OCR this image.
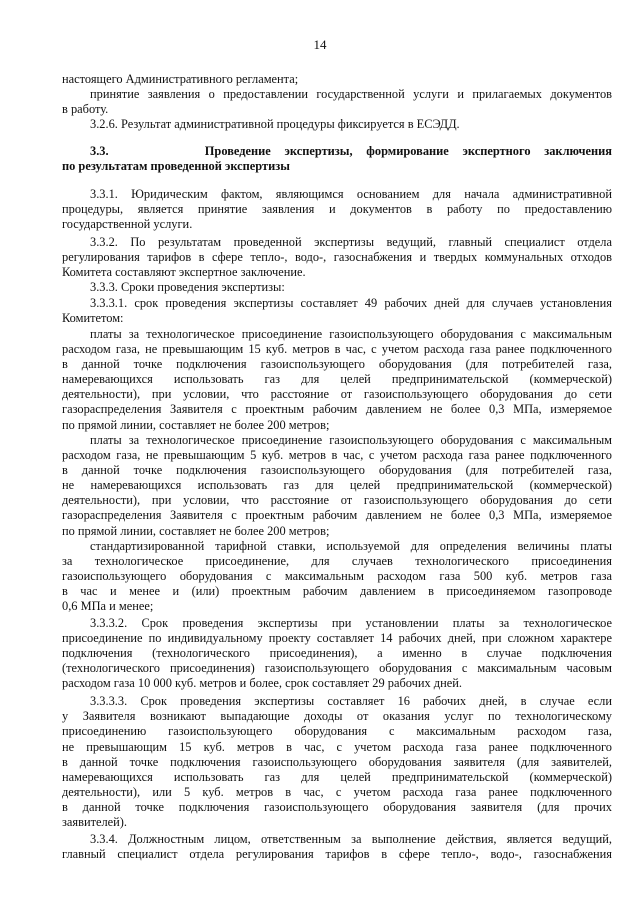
14
настоящего Административного регламента;
принятие заявления о предоставлении государственной услуги и прилагаемых документов
в работу.
3.2.6. Результат административной процедуры фиксируется в ЕСЭДД.
3.3.       Проведение экспертизы, формирование экспертного заключения
по результатам проведенной экспертизы
3.3.1. Юридическим фактом, являющимся основанием для начала административной
процедуры, является принятие заявления и документов в работу по предоставлению
государственной услуги.
3.3.2. По результатам проведенной экспертизы ведущий, главный специалист отдела
регулирования тарифов в сфере тепло-, водо-, газоснабжения и твердых коммунальных отходов
Комитета составляют экспертное заключение.
3.3.3. Сроки проведения экспертизы:
3.3.3.1. срок проведения экспертизы составляет 49 рабочих дней для случаев установления
Комитетом:
платы за технологическое присоединение газоиспользующего оборудования с максимальным
расходом газа, не превышающим 15 куб. метров в час, с учетом расхода газа ранее подключенного
в данной точке подключения газоиспользующего оборудования (для потребителей газа,
намеревающихся использовать газ для целей предпринимательской (коммерческой)
деятельности), при условии, что расстояние от газоиспользующего оборудования до сети
газораспределения Заявителя с проектным рабочим давлением не более 0,3 МПа, измеряемое
по прямой линии, составляет не более 200 метров;
платы за технологическое присоединение газоиспользующего оборудования с максимальным
расходом газа, не превышающим 5 куб. метров в час, с учетом расхода газа ранее подключенного
в данной точке подключения газоиспользующего оборудования (для потребителей газа,
не намеревающихся использовать газ для целей предпринимательской (коммерческой)
деятельности), при условии, что расстояние от газоиспользующего оборудования до сети
газораспределения Заявителя с проектным рабочим давлением не более 0,3 МПа, измеряемое
по прямой линии, составляет не более 200 метров;
стандартизированной тарифной ставки, используемой для определения величины платы
за технологическое присоединение, для случаев технологического присоединения
газоиспользующего оборудования с максимальным расходом газа 500 куб. метров газа
в час и менее и (или) проектным рабочим давлением в присоединяемом газопроводе
0,6 МПа и менее;
3.3.3.2. Срок проведения экспертизы при установлении платы за технологическое
присоединение по индивидуальному проекту составляет 14 рабочих дней, при сложном характере
подключения (технологического присоединения), а именно в случае подключения
(технологического присоединения) газоиспользующего оборудования с максимальным часовым
расходом газа 10 000 куб. метров и более, срок составляет 29 рабочих дней.
3.3.3.3. Срок проведения экспертизы составляет 16 рабочих дней, в случае если
у Заявителя возникают выпадающие доходы от оказания услуг по технологическому
присоединению газоиспользующего оборудования с максимальным расходом газа,
не превышающим 15 куб. метров в час, с учетом расхода газа ранее подключенного
в данной точке подключения газоиспользующего оборудования заявителя (для заявителей,
намеревающихся использовать газ для целей предпринимательской (коммерческой)
деятельности), или 5 куб. метров в час, с учетом расхода газа ранее подключенного
в данной точке подключения газоиспользующего оборудования заявителя (для прочих
заявителей).
3.3.4. Должностным лицом, ответственным за выполнение действия, является ведущий,
главный специалист отдела регулирования тарифов в сфере тепло-, водо-, газоснабжения
